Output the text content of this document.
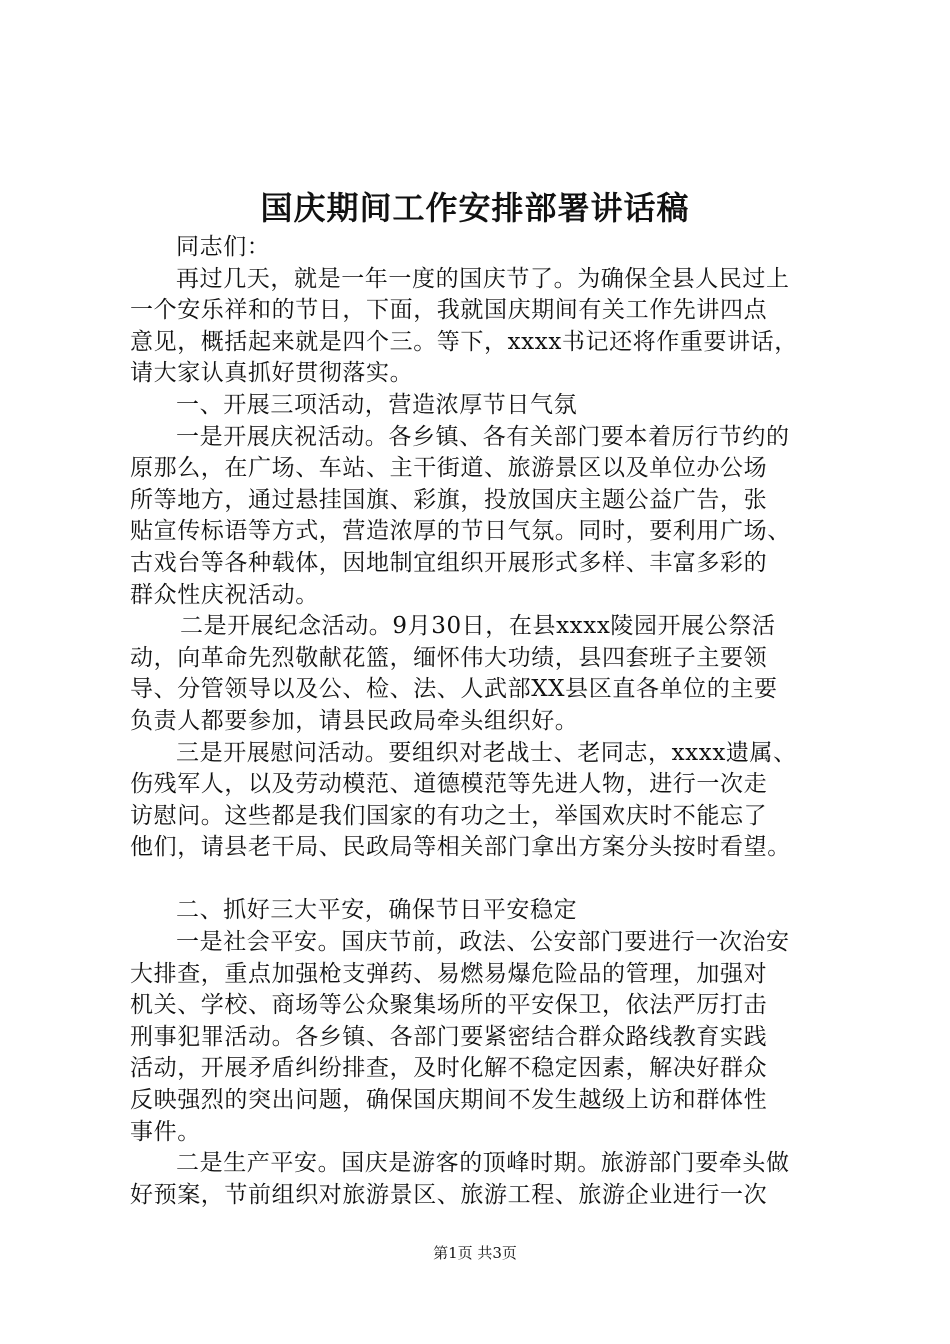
国庆期间工作安排部署讲话稿
同志们：
再过几天，就是一年一度的国庆节了。为确保全县人民过上
一个安乐祥和的节日，下面，我就国庆期间有关工作先讲四点
意见，概括起来就是四个三。等下，xxxx书记还将作重要讲话，
请大家认真抓好贯彻落实。
一、开展三项活动，营造浓厚节日气氛
一是开展庆祝活动。各乡镇、各有关部门要本着厉行节约的
原那么，在广场、车站、主干街道、旅游景区以及单位办公场
所等地方，通过悬挂国旗、彩旗，投放国庆主题公益广告，张
贴宣传标语等方式，营造浓厚的节日气氛。同时，要利用广场、
古戏台等各种载体，因地制宜组织开展形式多样、丰富多彩的
群众性庆祝活动。
二是开展纪念活动。9月30日，在县xxxx陵园开展公祭活
动，向革命先烈敬献花篮，缅怀伟大功绩，县四套班子主要领
导、分管领导以及公、检、法、人武部XX县区直各单位的主要
负责人都要参加，请县民政局牵头组织好。
三是开展慰问活动。要组织对老战士、老同志，xxxx遗属、
伤残军人，以及劳动模范、道德模范等先进人物，进行一次走
访慰问。这些都是我们国家的有功之士，举国欢庆时不能忘了
他们，请县老干局、民政局等相关部门拿出方案分头按时看望。
二、抓好三大平安，确保节日平安稳定
一是社会平安。国庆节前，政法、公安部门要进行一次治安
大排查，重点加强枪支弹药、易燃易爆危险品的管理，加强对
机关、学校、商场等公众聚集场所的平安保卫，依法严厉打击
刑事犯罪活动。各乡镇、各部门要紧密结合群众路线教育实践
活动，开展矛盾纠纷排查，及时化解不稳定因素，解决好群众
反映强烈的突出问题，确保国庆期间不发生越级上访和群体性
事件。
二是生产平安。国庆是游客的顶峰时期。旅游部门要牵头做
好预案，节前组织对旅游景区、旅游工程、旅游企业进行一次
第1页 共3页
